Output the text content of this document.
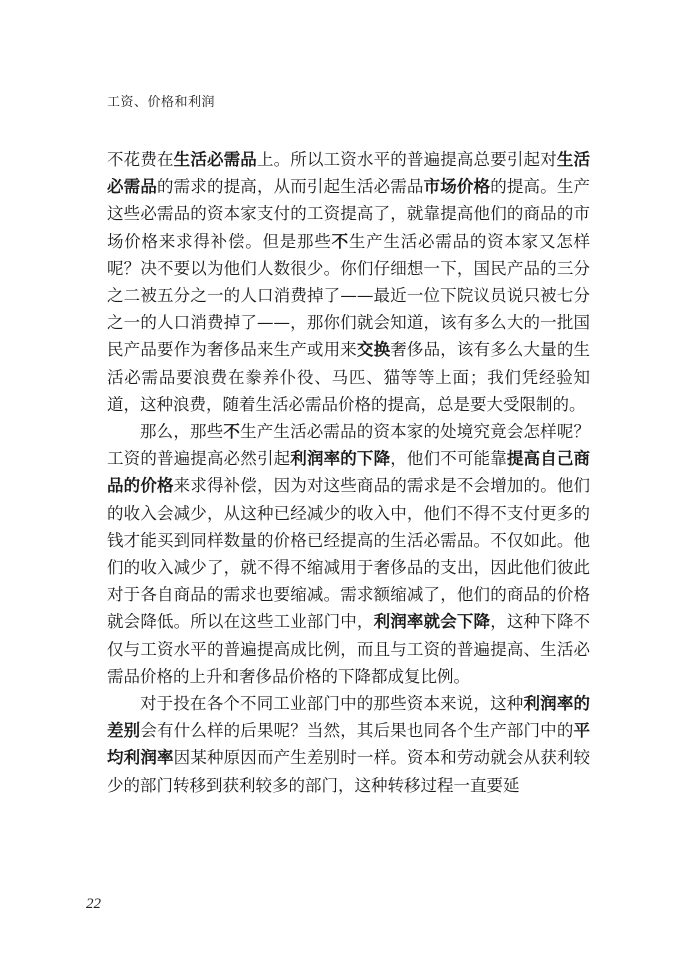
工资、价格和利润

不花费在生活必需品上。所以工资水平的普遍提高总要引起对生活必需品的需求的提高，从而引起生活必需品市场价格的提高。生产这些必需品的资本家支付的工资提高了，就靠提高他们的商品的市场价格来求得补偿。但是那些不生产生活必需品的资本家又怎样呢？决不要以为他们人数很少。你们仔细想一下，国民产品的三分之二被五分之一的人口消费掉了——最近一位下院议员说只被七分之一的人口消费掉了——，那你们就会知道，该有多么大的一批国民产品要作为奢侈品来生产或用来交换奢侈品，该有多么大量的生活必需品要浪费在豢养仆役、马匹、猫等等上面；我们凭经验知道，这种浪费，随着生活必需品价格的提高，总是要大受限制的。

那么，那些不生产生活必需品的资本家的处境究竟会怎样呢？工资的普遍提高必然引起利润率的下降，他们不可能靠提高自己商品的价格来求得补偿，因为对这些商品的需求是不会增加的。他们的收入会减少，从这种已经减少的收入中，他们不得不支付更多的钱才能买到同样数量的价格已经提高的生活必需品。不仅如此。他们的收入减少了，就不得不缩减用于奢侈品的支出，因此他们彼此对于各自商品的需求也要缩减。需求额缩减了，他们的商品的价格就会降低。所以在这些工业部门中，利润率就会下降，这种下降不仅与工资水平的普遍提高成比例，而且与工资的普遍提高、生活必需品价格的上升和奢侈品价格的下降都成复比例。

对于投在各个不同工业部门中的那些资本来说，这种利润率的差别会有什么样的后果呢？当然，其后果也同各个生产部门中的平均利润率因某种原因而产生差别时一样。资本和劳动就会从获利较少的部门转移到获利较多的部门，这种转移过程一直要延

22
